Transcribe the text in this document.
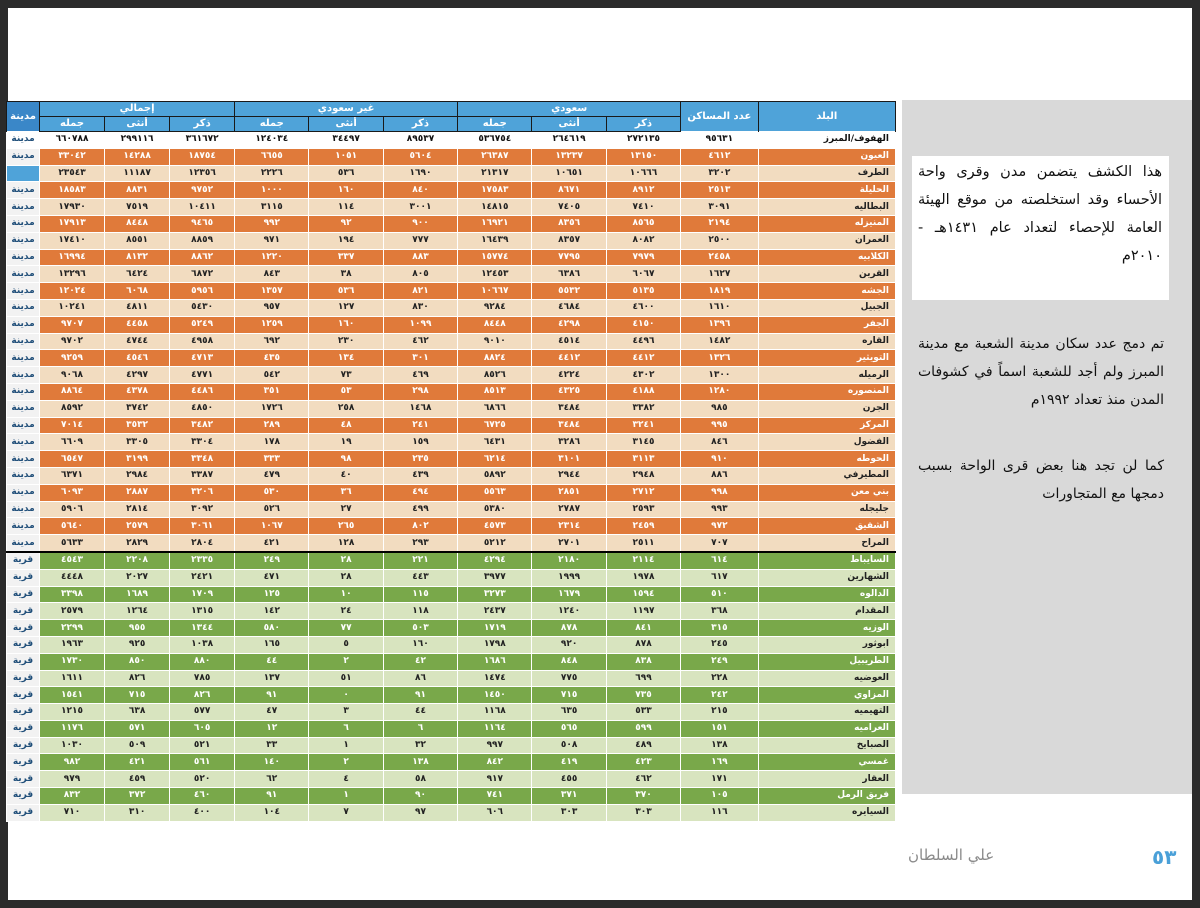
مدينة	إجمالي			غير سعودي			سعودي			عدد المساكن	البلد
	جمله	أنثى	ذكر	جمله	أنثى	ذكر	جمله	أنثى	ذكر		
مدينة	٦٦٠٧٨٨	٢٩٩١١٦	٣٦١٦٧٢	١٢٤٠٣٤	٣٤٤٩٧	٨٩٥٣٧	٥٣٦٧٥٤	٢٦٤٦١٩	٢٧٢١٣٥	٩٥٦٣١	الهفوف/المبرز
مدينة	٣٣٠٤٢	١٤٢٨٨	١٨٧٥٤	٦٦٥٥	١٠٥١	٥٦٠٤	٢٦٣٨٧	١٣٢٣٧	١٣١٥٠	٤٦١٢	العيون
	٢٣٥٤٣	١١١٨٧	١٢٣٥٦	٢٢٢٦	٥٣٦	١٦٩٠	٢١٣١٧	١٠٦٥١	١٠٦٦٦	٣٢٠٢	الطرف
مدينة	١٨٥٨٣	٨٨٣١	٩٧٥٢	١٠٠٠	١٦٠	٨٤٠	١٧٥٨٣	٨٦٧١	٨٩١٢	٢٥١٣	الحليلة
مدينة	١٧٩٣٠	٧٥١٩	١٠٤١١	٣١١٥	١١٤	٣٠٠١	١٤٨١٥	٧٤٠٥	٧٤١٠	٣٠٩١	البطاليه
مدينة	١٧٩١٣	٨٤٤٨	٩٤٦٥	٩٩٢	٩٢	٩٠٠	١٦٩٢١	٨٣٥٦	٨٥٦٥	٢١٩٤	المنيزله
مدينة	١٧٤١٠	٨٥٥١	٨٨٥٩	٩٧١	١٩٤	٧٧٧	١٦٤٣٩	٨٣٥٧	٨٠٨٢	٢٥٠٠	العمران
مدينة	١٦٩٩٤	٨١٣٢	٨٨٦٢	١٢٢٠	٣٣٧	٨٨٣	١٥٧٧٤	٧٧٩٥	٧٩٧٩	٢٤٥٨	الكلابيه
مدينة	١٣٢٩٦	٦٤٢٤	٦٨٧٢	٨٤٣	٣٨	٨٠٥	١٢٤٥٣	٦٣٨٦	٦٠٦٧	١٦٢٧	القرين
مدينة	١٢٠٢٤	٦٠٦٨	٥٩٥٦	١٣٥٧	٥٣٦	٨٢١	١٠٦٦٧	٥٥٣٢	٥١٣٥	١٨١٩	الجشه
مدينة	١٠٢٤١	٤٨١١	٥٤٣٠	٩٥٧	١٢٧	٨٣٠	٩٢٨٤	٤٦٨٤	٤٦٠٠	١٦١٠	الجبيل
مدينة	٩٧٠٧	٤٤٥٨	٥٢٤٩	١٢٥٩	١٦٠	١٠٩٩	٨٤٤٨	٤٢٩٨	٤١٥٠	١٣٩٦	الجفر
مدينة	٩٧٠٢	٤٧٤٤	٤٩٥٨	٦٩٢	٢٣٠	٤٦٢	٩٠١٠	٤٥١٤	٤٤٩٦	١٤٨٢	القاره
مدينة	٩٢٥٩	٤٥٤٦	٤٧١٣	٤٣٥	١٣٤	٣٠١	٨٨٢٤	٤٤١٢	٤٤١٢	١٣٢٦	التويثير
مدينة	٩٠٦٨	٤٢٩٧	٤٧٧١	٥٤٢	٧٣	٤٦٩	٨٥٢٦	٤٢٢٤	٤٣٠٢	١٣٠٠	الرميله
مدينة	٨٨٦٤	٤٣٧٨	٤٤٨٦	٣٥١	٥٣	٢٩٨	٨٥١٣	٤٣٢٥	٤١٨٨	١٢٨٠	المنصوره
مدينة	٨٥٩٢	٣٧٤٢	٤٨٥٠	١٧٢٦	٢٥٨	١٤٦٨	٦٨٦٦	٣٤٨٤	٣٣٨٢	٩٨٥	الجرن
مدينة	٧٠١٤	٣٥٣٢	٣٤٨٢	٢٨٩	٤٨	٢٤١	٦٧٢٥	٣٤٨٤	٣٢٤١	٩٩٥	المركز
مدينة	٦٦٠٩	٣٣٠٥	٣٣٠٤	١٧٨	١٩	١٥٩	٦٤٣١	٣٢٨٦	٣١٤٥	٨٤٦	الفضول
مدينة	٦٥٤٧	٣١٩٩	٣٣٤٨	٣٣٣	٩٨	٢٣٥	٦٢١٤	٣١٠١	٣١١٣	٩١٠	الحوطه
مدينة	٦٣٧١	٢٩٨٤	٣٣٨٧	٤٧٩	٤٠	٤٣٩	٥٨٩٢	٢٩٤٤	٢٩٤٨	٨٨٦	المطيرفي
مدينة	٦٠٩٣	٢٨٨٧	٣٢٠٦	٥٣٠	٣٦	٤٩٤	٥٥٦٣	٢٨٥١	٢٧١٢	٩٩٨	بني معن
مدينة	٥٩٠٦	٢٨١٤	٣٠٩٢	٥٢٦	٢٧	٤٩٩	٥٣٨٠	٢٧٨٧	٢٥٩٣	٩٩٣	جليجله
مدينة	٥٦٤٠	٢٥٧٩	٣٠٦١	١٠٦٧	٢٦٥	٨٠٢	٤٥٧٣	٢٣١٤	٢٤٥٩	٩٧٢	الشقيق
مدينة	٥٦٣٣	٢٨٢٩	٢٨٠٤	٤٢١	١٢٨	٢٩٣	٥٢١٢	٢٧٠١	٢٥١١	٧٠٧	المراح
قرية	٤٥٤٣	٢٢٠٨	٢٣٣٥	٢٤٩	٢٨	٢٢١	٤٢٩٤	٢١٨٠	٢١١٤	٦١٤	السايباط
قرية	٤٤٤٨	٢٠٢٧	٢٤٢١	٤٧١	٢٨	٤٤٣	٣٩٧٧	١٩٩٩	١٩٧٨	٦١٧	الشهارين
قرية	٣٣٩٨	١٦٨٩	١٧٠٩	١٢٥	١٠	١١٥	٣٢٧٣	١٦٧٩	١٥٩٤	٥١٠	الدالوه
قرية	٢٥٧٩	١٢٦٤	١٣١٥	١٤٢	٢٤	١١٨	٢٤٣٧	١٢٤٠	١١٩٧	٣٦٨	المقدام
قرية	٢٢٩٩	٩٥٥	١٣٤٤	٥٨٠	٧٧	٥٠٣	١٧١٩	٨٧٨	٨٤١	٣١٥	الوزيه
قرية	١٩٦٣	٩٢٥	١٠٣٨	١٦٥	٥	١٦٠	١٧٩٨	٩٢٠	٨٧٨	٢٤٥	ابوثور
قرية	١٧٣٠	٨٥٠	٨٨٠	٤٤	٢	٤٢	١٦٨٦	٨٤٨	٨٣٨	٢٤٩	الطريبيل
قرية	١٦١١	٨٢٦	٧٨٥	١٣٧	٥١	٨٦	١٤٧٤	٧٧٥	٦٩٩	٢٢٨	العوضيه
قرية	١٥٤١	٧١٥	٨٢٦	٩١	٠	٩١	١٤٥٠	٧١٥	٧٣٥	٢٤٢	المزاوي
قرية	١٢١٥	٦٣٨	٥٧٧	٤٧	٣	٤٤	١١٦٨	٦٣٥	٥٣٣	٢١٥	التهيميه
قرية	١١٧٦	٥٧١	٦٠٥	١٢	٦	٦	١١٦٤	٥٦٥	٥٩٩	١٥١	العراميه
قرية	١٠٣٠	٥٠٩	٥٢١	٣٣	١	٣٢	٩٩٧	٥٠٨	٤٨٩	١٣٨	الصبايخ
قرية	٩٨٢	٤٢١	٥٦١	١٤٠	٢	١٣٨	٨٤٢	٤١٩	٤٢٣	١٦٩	غمسي
قرية	٩٧٩	٤٥٩	٥٢٠	٦٢	٤	٥٨	٩١٧	٤٥٥	٤٦٢	١٧١	العقار
قرية	٨٣٢	٣٧٢	٤٦٠	٩١	١	٩٠	٧٤١	٣٧١	٣٧٠	١٠٥	فريق الرمل
قرية	٧١٠	٣١٠	٤٠٠	١٠٤	٧	٩٧	٦٠٦	٣٠٣	٣٠٣	١١٦	السيايره
هذا الكشف يتضمن مدن وقرى واحة الأحساء وقد استخلصته من موقع الهيئة العامة للإحصاء لتعداد عام ١٤٣١هـ - ٢٠١٠م
تم دمج عدد سكان مدينة الشعبة مع مدينة المبرز ولم أجد للشعبة اسماً في كشوفات المدن منذ تعداد ١٩٩٢م
كما لن تجد هنا بعض قرى الواحة بسبب دمجها مع المتجاورات
علي السلطان	٥٣
